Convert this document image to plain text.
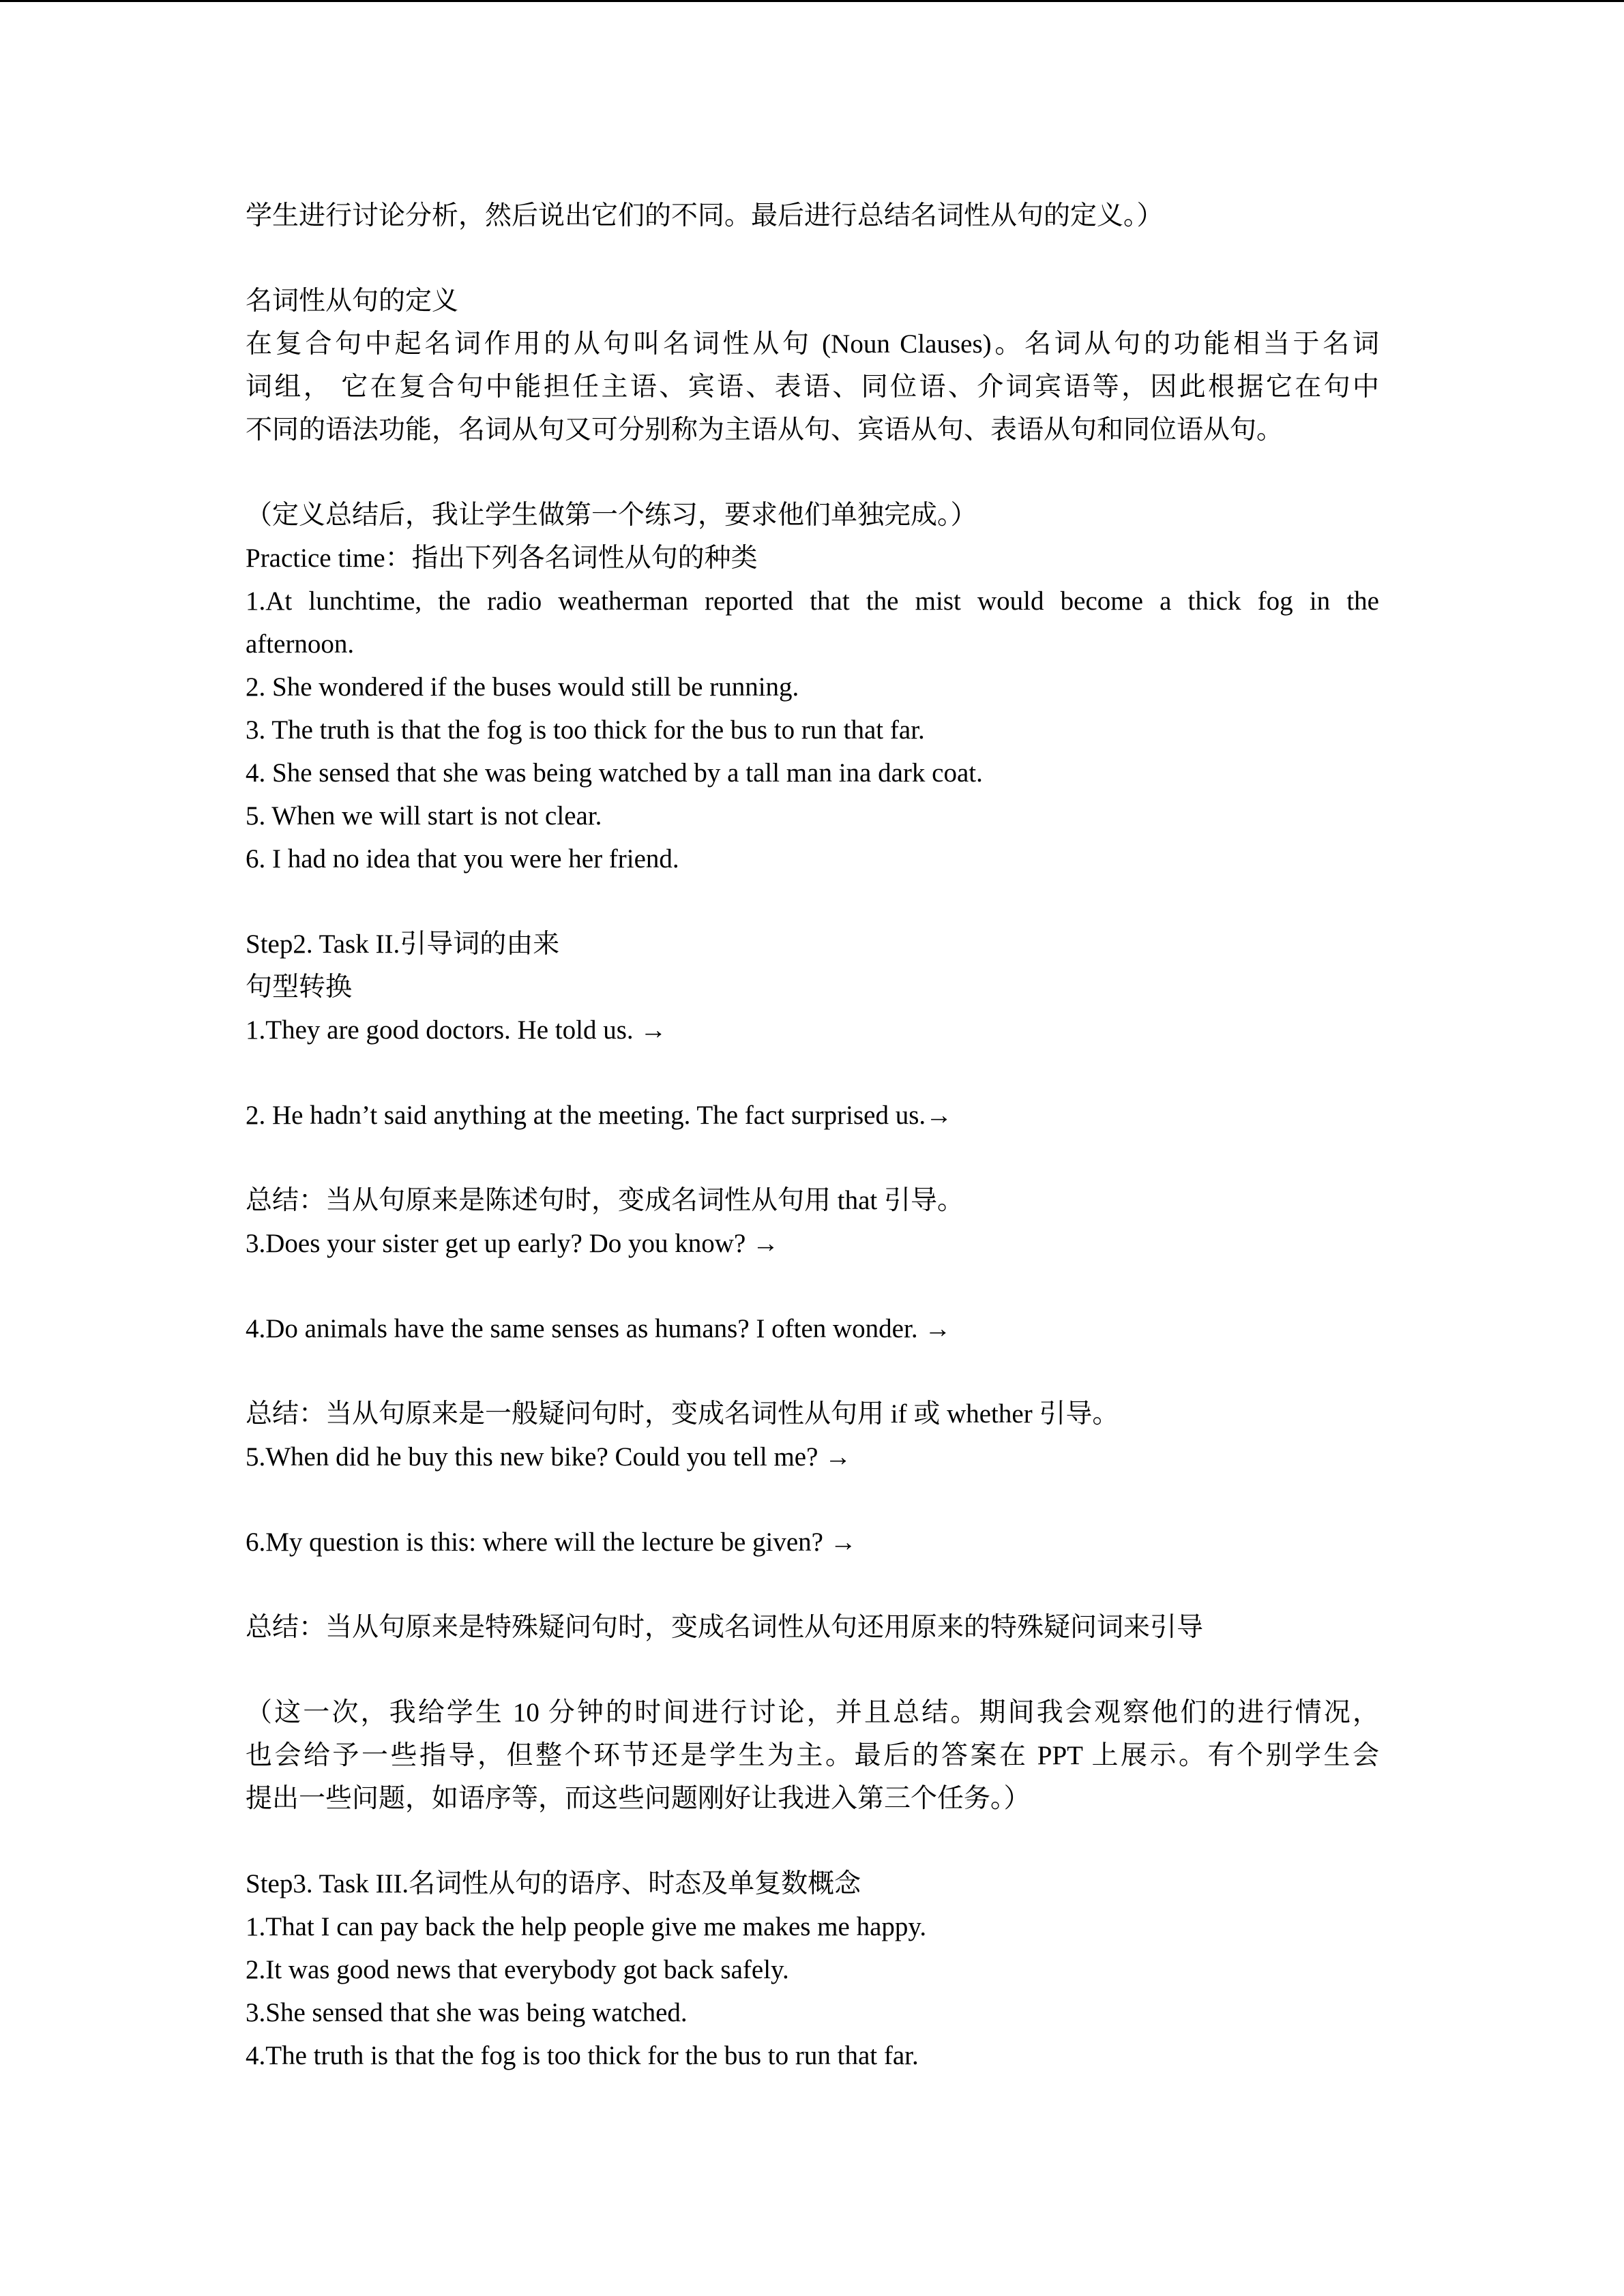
学生进行讨论分析，然后说出它们的不同。最后进行总结名词性从句的定义。）
名词性从句的定义
在复合句中起名词作用的从句叫名词性从句 (Noun Clauses)。名词从句的功能相当于名词
词组， 它在复合句中能担任主语、宾语、表语、同位语、介词宾语等，因此根据它在句中
不同的语法功能，名词从句又可分别称为主语从句、宾语从句、表语从句和同位语从句。
（定义总结后，我让学生做第一个练习，要求他们单独完成。）
Practice time：指出下列各名词性从句的种类
1.At lunchtime, the radio weatherman reported that the mist would become a thick fog in the
afternoon.
2. She wondered if the buses would still be running.
3. The truth is that the fog is too thick for the bus to run that far.
4. She sensed that she was being watched by a tall man ina dark coat.
5. When we will start is not clear.
6. I had no idea that you were her friend.
Step2. Task II.引导词的由来
句型转换
1.They are good doctors. He told us. →
2. He hadn’t said anything at the meeting. The fact surprised us.→
总结：当从句原来是陈述句时，变成名词性从句用 that 引导。
3.Does your sister get up early? Do you know? →
4.Do animals have the same senses as humans? I often wonder. →
总结：当从句原来是一般疑问句时，变成名词性从句用 if 或 whether 引导。
5.When did he buy this new bike? Could you tell me? →
6.My question is this: where will the lecture be given? →
总结：当从句原来是特殊疑问句时，变成名词性从句还用原来的特殊疑问词来引导
（这一次，我给学生 10 分钟的时间进行讨论，并且总结。期间我会观察他们的进行情况，
也会给予一些指导，但整个环节还是学生为主。最后的答案在 PPT 上展示。有个别学生会
提出一些问题，如语序等，而这些问题刚好让我进入第三个任务。）
Step3. Task III.名词性从句的语序、时态及单复数概念
1.That I can pay back the help people give me makes me happy.
2.It was good news that everybody got back safely.
3.She sensed that she was being watched.
4.The truth is that the fog is too thick for the bus to run that far.
